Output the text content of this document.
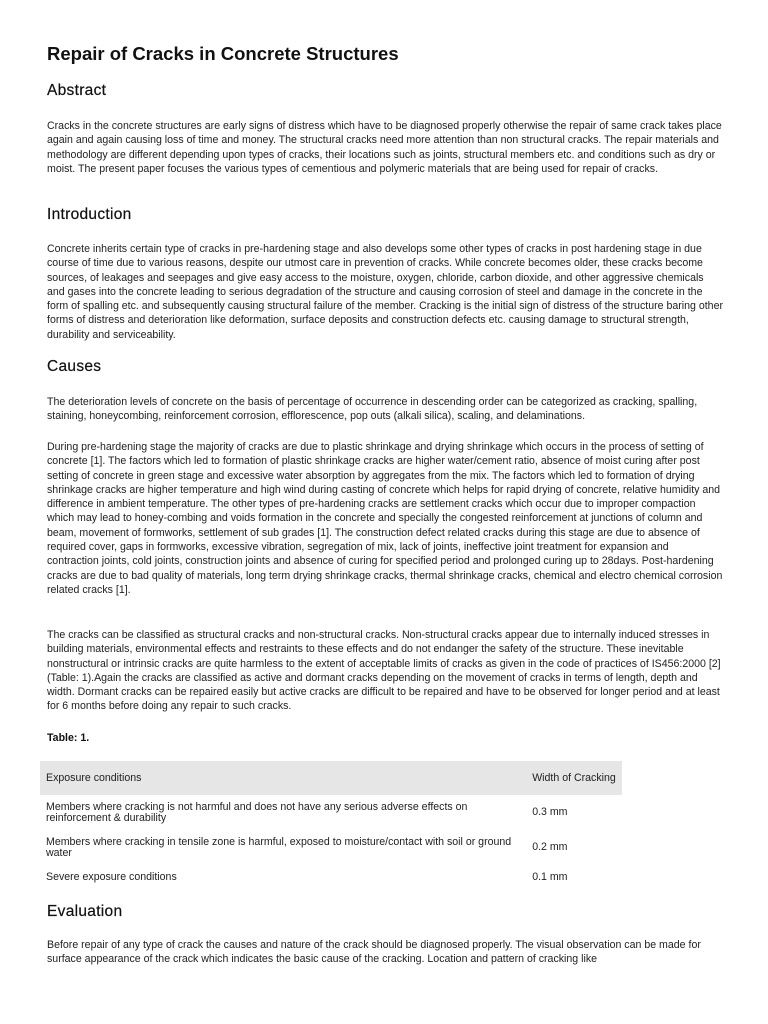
Repair of Cracks in Concrete Structures
Abstract

Cracks in the concrete structures are early signs of distress which have to be diagnosed properly otherwise the repair of same crack takes place again and again causing loss of time and money. The structural cracks need more attention than non structural cracks. The repair materials and methodology are different depending upon types of cracks, their locations such as joints, structural members etc. and conditions such as dry or moist. The present paper focuses the various types of cementious and polymeric materials that are being used for repair of cracks.

Introduction

Concrete inherits certain type of cracks in pre-hardening stage and also develops some other types of cracks in post hardening stage in due course of time due to various reasons, despite our utmost care in prevention of cracks. While concrete becomes older, these cracks become sources, of leakages and seepages and give easy access to the moisture, oxygen, chloride, carbon dioxide, and other aggressive chemicals and gases into the concrete leading to serious degradation of the structure and causing corrosion of steel and damage in the concrete in the form of spalling etc. and subsequently causing structural failure of the member. Cracking is the initial sign of distress of the structure baring other forms of distress and deterioration like deformation, surface deposits and construction defects etc. causing damage to structural strength, durability and serviceability.

Causes

The deterioration levels of concrete on the basis of percentage of occurrence in descending order can be categorized as cracking, spalling, staining, honeycombing, reinforcement corrosion, efflorescence, pop outs (alkali silica), scaling, and delaminations.

During pre-hardening stage the majority of cracks are due to plastic shrinkage and drying shrinkage which occurs in the process of setting of concrete [1]. The factors which led to formation of plastic shrinkage cracks are higher water/cement ratio, absence of moist curing after post setting of concrete in green stage and excessive water absorption by aggregates from the mix. The factors which led to formation of drying shrinkage cracks are higher temperature and high wind during casting of concrete which helps for rapid drying of concrete, relative humidity and difference in ambient temperature. The other types of pre-hardening cracks are settlement cracks which occur due to improper compaction which may lead to honey-combing and voids formation in the concrete and specially the congested reinforcement at junctions of column and beam, movement of formworks, settlement of sub grades [1]. The construction defect related cracks during this stage are due to absence of required cover, gaps in formworks, excessive vibration, segregation of mix, lack of joints, ineffective joint treatment for expansion and contraction joints, cold joints, construction joints and absence of curing for specified period and prolonged curing up to 28days. Post-hardening cracks are due to bad quality of materials, long term drying shrinkage cracks, thermal shrinkage cracks, chemical and electro chemical corrosion related cracks [1].

The cracks can be classified as structural cracks and non-structural cracks. Non-structural cracks appear due to internally induced stresses in building materials, environmental effects and restraints to these effects and do not endanger the safety of the structure. These inevitable nonstructural or intrinsic cracks are quite harmless to the extent of acceptable limits of cracks as given in the code of practices of IS456:2000 [2] (Table: 1).Again the cracks are classified as active and dormant cracks depending on the movement of cracks in terms of length, depth and width. Dormant cracks can be repaired easily but active cracks are difficult to be repaired and have to be observed for longer period and at least for 6 months before doing any repair to such cracks.

Table: 1.

Exposure conditions	Width of Cracking
Members where cracking is not harmful and does not have any serious adverse effects on reinforcement & durability	0.3 mm
Members where cracking in tensile zone is harmful, exposed to moisture/contact with soil or ground water	0.2 mm
Severe exposure conditions	0.1 mm
Evaluation

Before repair of any type of crack the causes and nature of the crack should be diagnosed properly. The visual observation can be made for surface appearance of the crack which indicates the basic cause of the cracking. Location and pattern of cracking like
